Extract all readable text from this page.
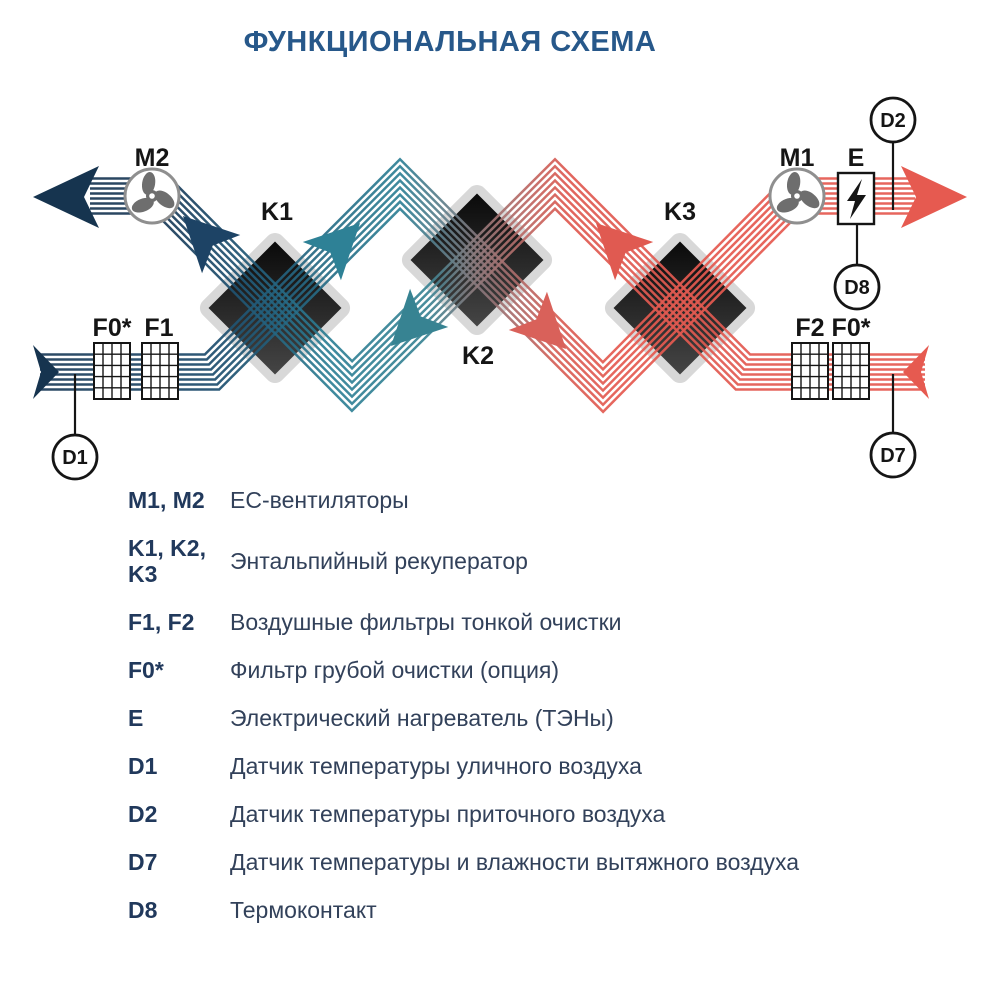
ФУНКЦИОНАЛЬНАЯ СХЕМА
D1
D2
D7
D8
M2	M1 E
K1
K2
K3
F0* F1	F2 F0*
M1, M2	ЕС-вентиляторы
K1, K2, K3	Энтальпийный рекуператор
F1, F2	Воздушные фильтры тонкой очистки
F0*	Фильтр грубой очистки (опция)
E	Электрический нагреватель (ТЭНы)
D1	Датчик температуры уличного воздуха
D2	Датчик температуры приточного воздуха
D7	Датчик температуры и влажности вытяжного воздуха
D8	Термоконтакт
